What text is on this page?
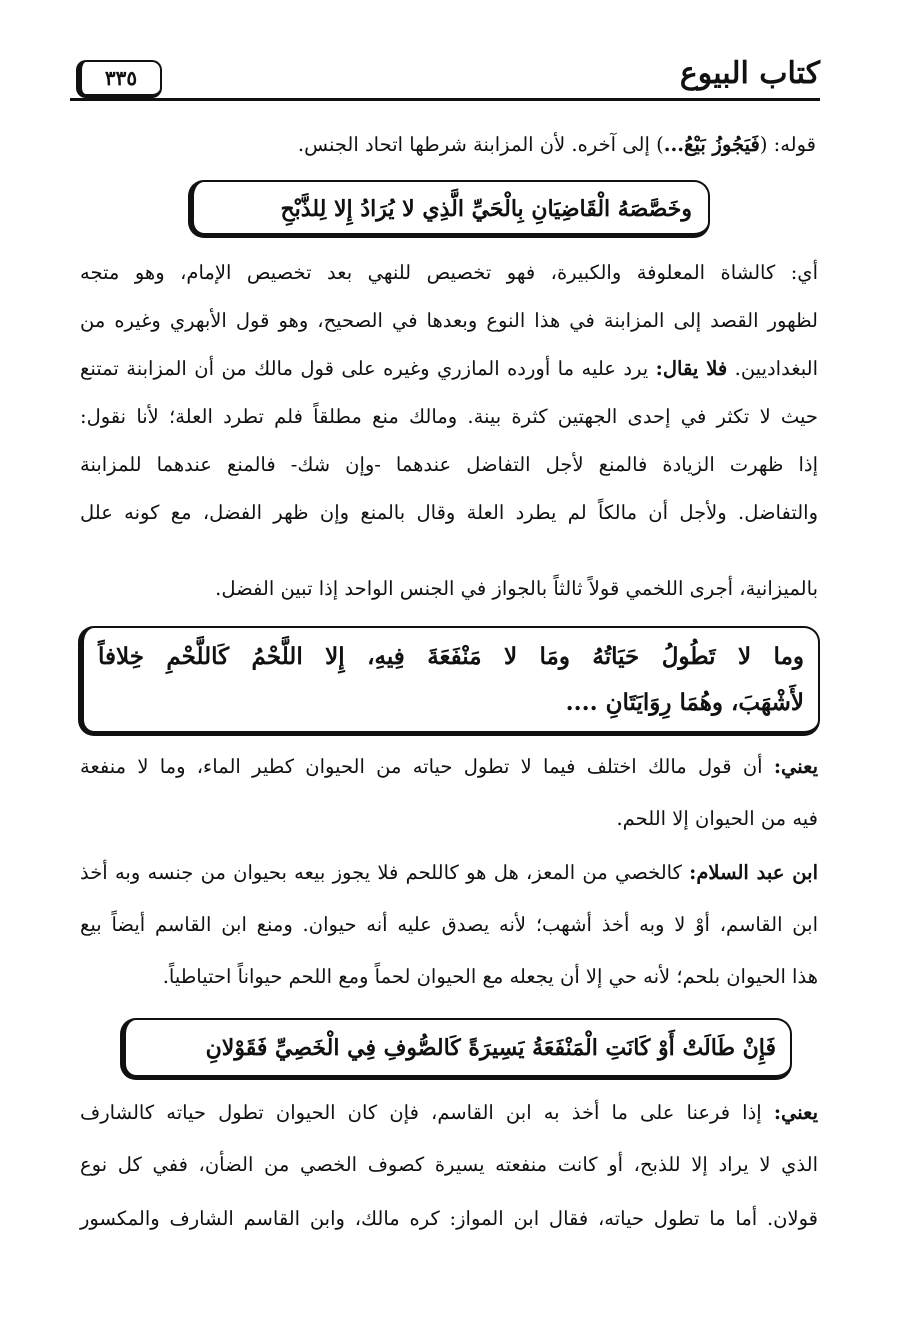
كتاب البيوع
٣٣٥
قوله: (فَيَجُوزُ بَيْعُ...) إلى آخره. لأن المزابنة شرطها اتحاد الجنس.
وخَصَّصَهُ الْقَاضِيَانِ بِالْحَيِّ الَّذِي لا يُرَادُ إِلا لِلذَّبْحِ
أي: كالشاة المعلوفة والكبيرة، فهو تخصيص للنهي بعد تخصيص الإمام، وهو متجه
لظهور القصد إلى المزابنة في هذا النوع وبعدها في الصحيح، وهو قول الأبهري وغيره من
البغداديين. فلا يقال: يرد عليه ما أورده المازري وغيره على قول مالك من أن المزابنة تمتنع
حيث لا تكثر في إحدى الجهتين كثرة بينة. ومالك منع مطلقاً فلم تطرد العلة؛ لأنا نقول:
إذا ظهرت الزيادة فالمنع لأجل التفاضل عندهما -وإن شك- فالمنع عندهما للمزابنة
والتفاضل. ولأجل أن مالكاً لم يطرد العلة وقال بالمنع وإن ظهر الفضل، مع كونه علل
بالميزانية، أجرى اللخمي قولاً ثالثاً بالجواز في الجنس الواحد إذا تبين الفضل.
وما لا تَطُولُ حَيَاتُهُ ومَا لا مَنْفَعَةَ فِيهِ، إِلا اللَّحْمُ كَاللَّحْمِ خِلافاً
لأَشْهَبَ، وهُمَا رِوَايَتَانِ ....
يعني: أن قول مالك اختلف فيما لا تطول حياته من الحيوان كطير الماء، وما لا منفعة
فيه من الحيوان إلا اللحم.
ابن عبد السلام: كالخصي من المعز، هل هو كاللحم فلا يجوز بيعه بحيوان من جنسه وبه أخذ
ابن القاسم، أوْ لا وبه أخذ أشهب؛ لأنه يصدق عليه أنه حيوان. ومنع ابن القاسم أيضاً بيع
هذا الحيوان بلحم؛ لأنه حي إلا أن يجعله مع الحيوان لحماً ومع اللحم حيواناً احتياطياً.
فَإِنْ طَالَتْ أَوْ كَانَتِ الْمَنْفَعَةُ يَسِيرَةً كَالصُّوفِ فِي الْخَصِيِّ فَقَوْلانِ
يعني: إذا فرعنا على ما أخذ به ابن القاسم، فإن كان الحيوان تطول حياته كالشارف
الذي لا يراد إلا للذبح، أو كانت منفعته يسيرة كصوف الخصي من الضأن، ففي كل نوع
قولان. أما ما تطول حياته، فقال ابن المواز: كره مالك، وابن القاسم الشارف والمكسور
